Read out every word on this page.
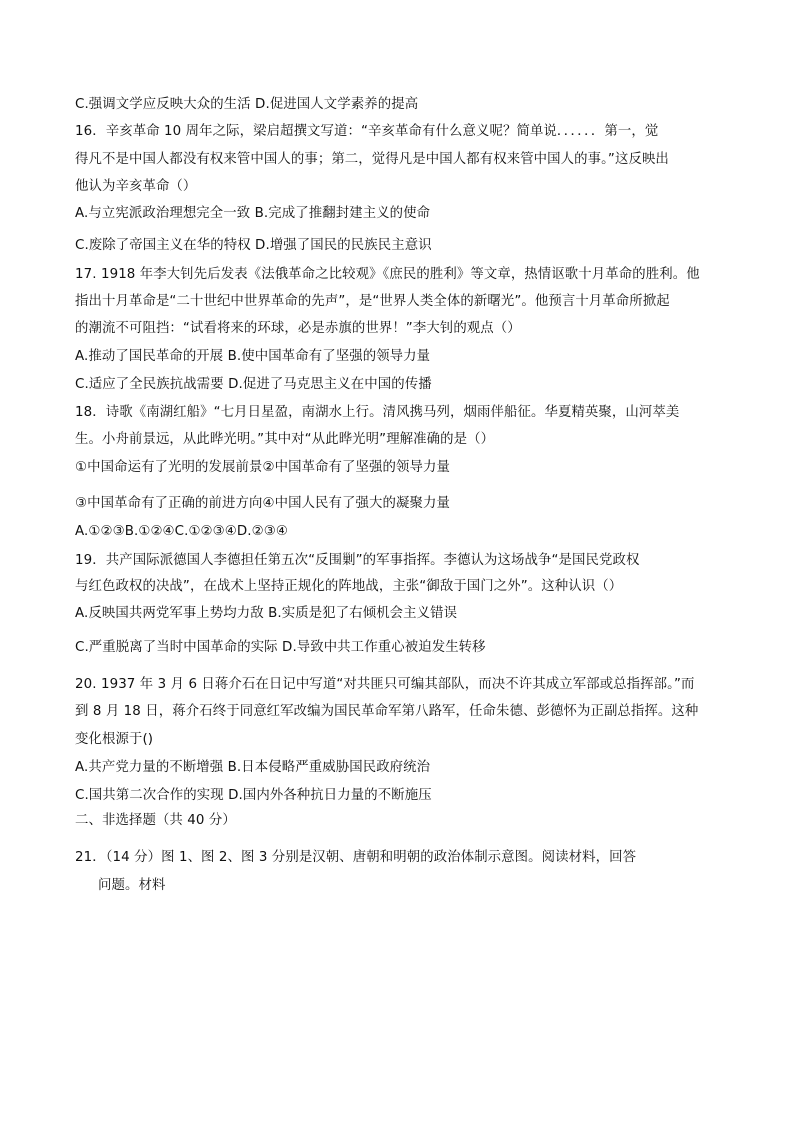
C.强调文学应反映大众的生活 D.促进国人文学素养的提高
16．辛亥革命 10 周年之际，梁启超撰文写道：“辛亥革命有什么意义呢？简单说．．．．．．第一，觉
得凡不是中国人都没有权来管中国人的事；第二，觉得凡是中国人都有权来管中国人的事。”这反映出
他认为辛亥革命（）
A.与立宪派政治理想完全一致 B.完成了推翻封建主义的使命
C.废除了帝国主义在华的特权 D.增强了国民的民族民主意识
17. 1918 年李大钊先后发表《法俄革命之比较观》《庶民的胜利》等文章，热情讴歌十月革命的胜利。他
指出十月革命是“二十世纪中世界革命的先声”，是“世界人类全体的新曙光”。他预言十月革命所掀起
的潮流不可阻挡：“试看将来的环球，必是赤旗的世界！”李大钊的观点（）
A.推动了国民革命的开展 B.使中国革命有了坚强的领导力量
C.适应了全民族抗战需要 D.促进了马克思主义在中国的传播
18．诗歌《南湖红船》“七月日星盈，南湖水上行。清风携马列，烟雨伴船征。华夏精英聚，山河萃美
生。小舟前景远，从此晔光明。”其中对“从此晔光明”理解准确的是（）
①中国命运有了光明的发展前景②中国革命有了坚强的领导力量
③中国革命有了正确的前进方向④中国人民有了强大的凝聚力量
A.①②③B.①②④C.①②③④D.②③④
19．共产国际派德国人李德担任第五次“反围剿”的军事指挥。李德认为这场战争“是国民党政权
与红色政权的决战”，在战术上坚持正规化的阵地战，主张“御敌于国门之外”。这种认识（）
A.反映国共两党军事上势均力敌 B.实质是犯了右倾机会主义错误
C.严重脱离了当时中国革命的实际 D.导致中共工作重心被迫发生转移
20. 1937 年 3 月 6 日蒋介石在日记中写道“对共匪只可编其部队，而决不许其成立军部或总指挥部。”而
到 8 月 18 日，蒋介石终于同意红军改编为国民革命军第八路军，任命朱德、彭德怀为正副总指挥。这种
变化根源于()
A.共产党力量的不断增强 B.日本侵略严重威胁国民政府统治
C.国共第二次合作的实现 D.国内外各种抗日力量的不断施压
二、非选择题（共 40 分）
21．（14 分）图 1、图 2、图 3 分别是汉朝、唐朝和明朝的政治体制示意图。阅读材料，回答
问题。材料
